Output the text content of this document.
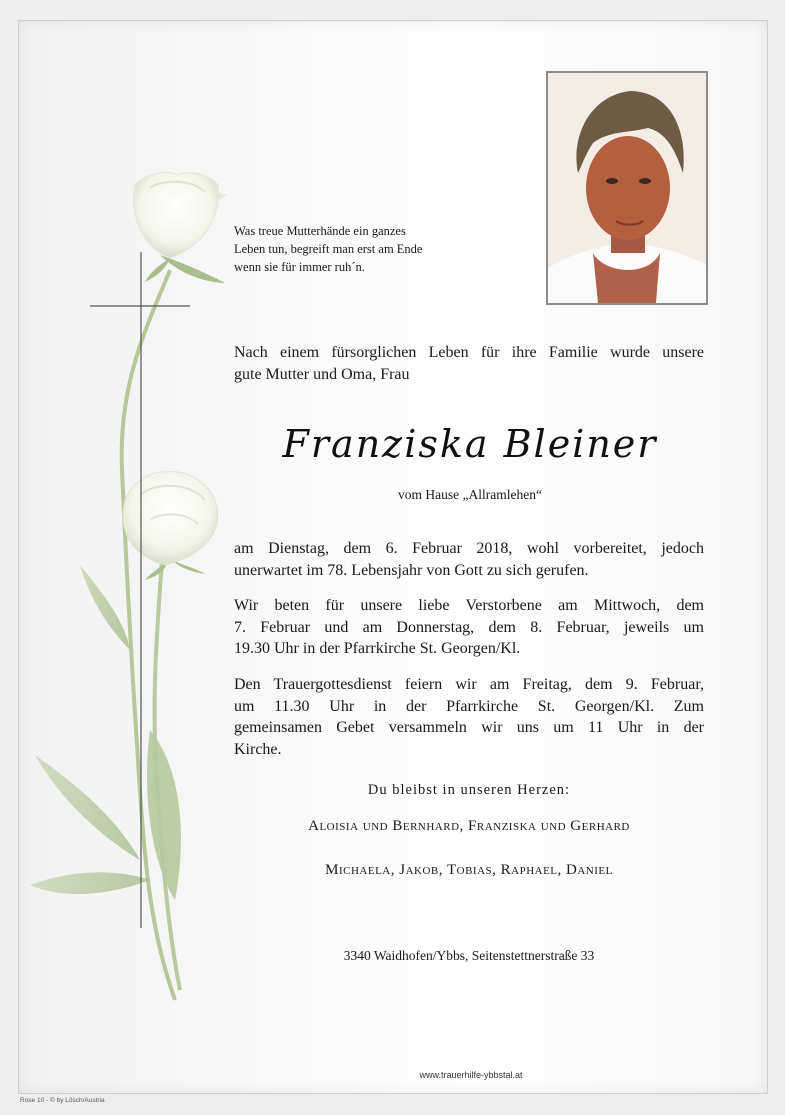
Was treue Mutterhände ein ganzes
Leben tun, begreift man erst am Ende
wenn sie für immer ruh´n.
Nach einem fürsorglichen Leben für ihre Familie wurde unsere
gute Mutter und Oma, Frau
Franziska Bleiner
vom Hause „Allramlehen“
am Dienstag, dem 6. Februar 2018, wohl vorbereitet, jedoch
unerwartet im 78. Lebensjahr von Gott zu sich gerufen.
Wir beten für unsere liebe Verstorbene am Mittwoch, dem
7. Februar und am Donnerstag, dem 8. Februar, jeweils um
19.30 Uhr in der Pfarrkirche St. Georgen/Kl.
Den Trauergottesdienst feiern wir am Freitag, dem 9. Februar,
um 11.30 Uhr in der Pfarrkirche St. Georgen/Kl. Zum
gemeinsamen Gebet versammeln wir uns um 11 Uhr in der
Kirche.
Du bleibst in unseren Herzen:
Aloisia und Bernhard, Franziska und Gerhard
Michaela, Jakob, Tobias, Raphael, Daniel
3340 Waidhofen/Ybbs, Seitenstettnerstraße 33
www.trauerhilfe-ybbstal.at
Rose 10 - © by Lösch/Austria
